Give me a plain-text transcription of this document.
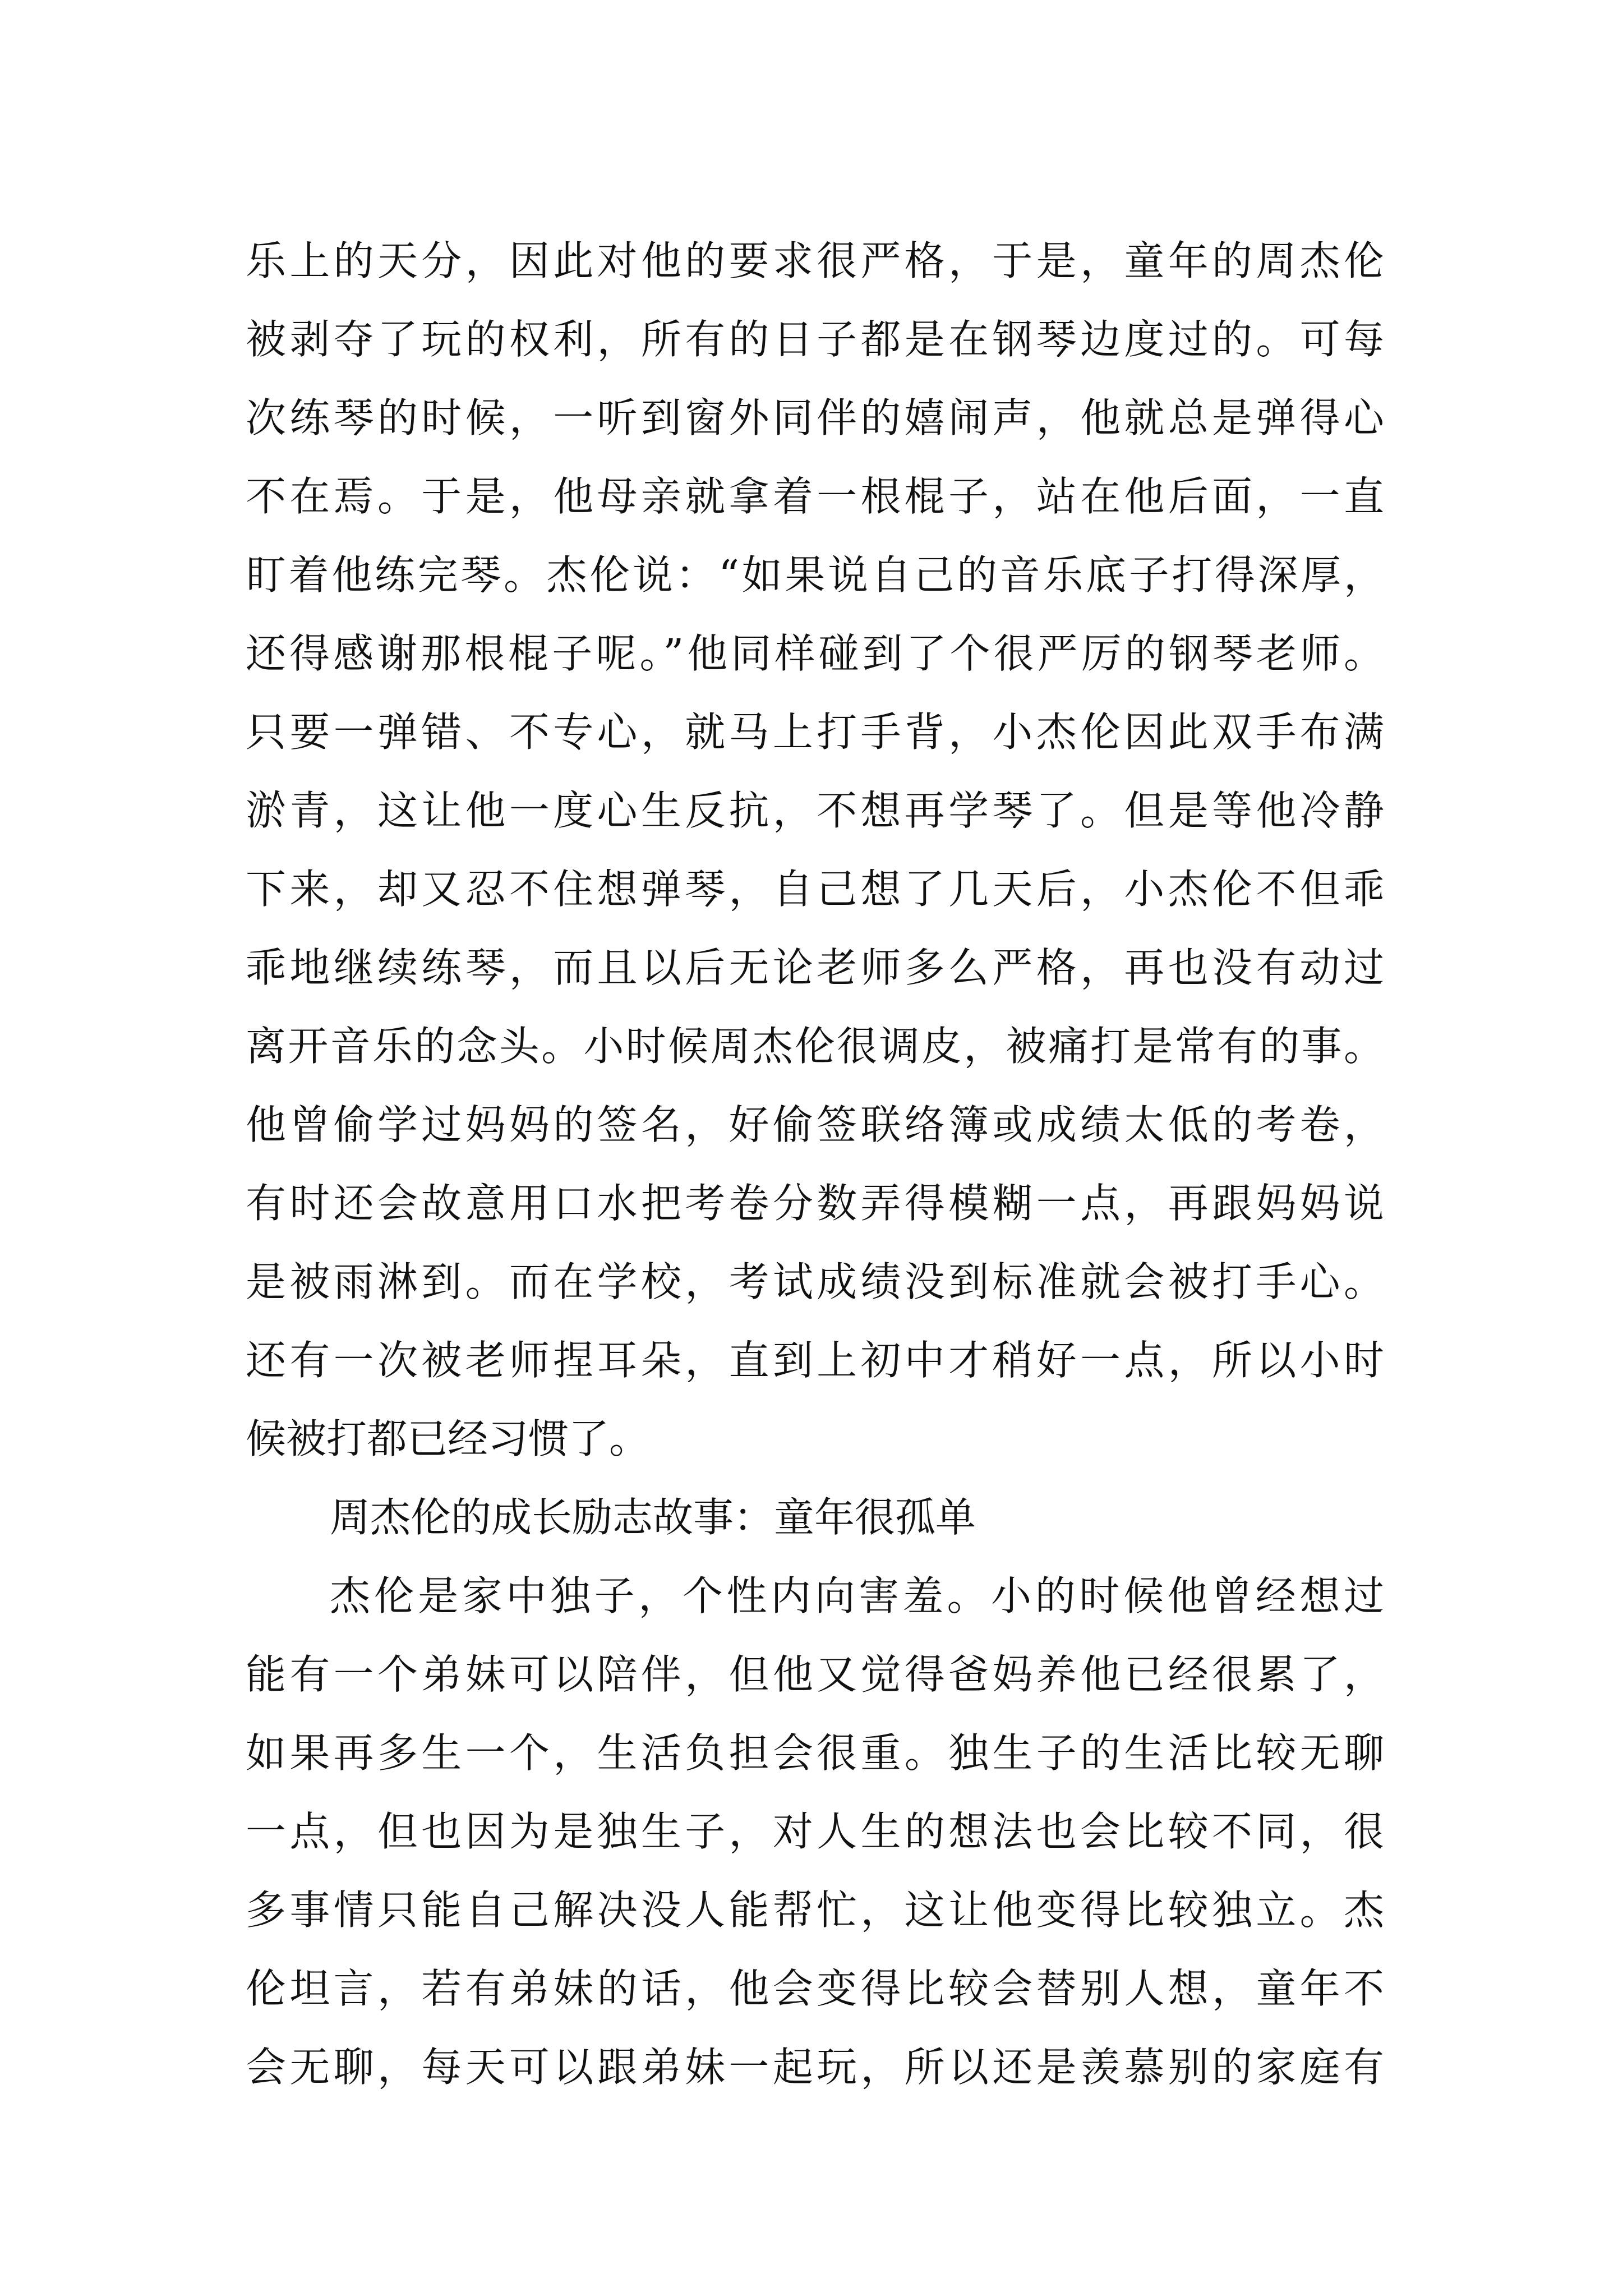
乐上的天分，因此对他的要求很严格，于是，童年的周杰伦
被剥夺了玩的权利，所有的日子都是在钢琴边度过的。可每
次练琴的时候，一听到窗外同伴的嬉闹声，他就总是弹得心
不在焉。于是，他母亲就拿着一根棍子，站在他后面，一直
盯着他练完琴。杰伦说：“如果说自己的音乐底子打得深厚，
还得感谢那根棍子呢。”他同样碰到了个很严厉的钢琴老师。
只要一弹错、不专心，就马上打手背，小杰伦因此双手布满
淤青，这让他一度心生反抗，不想再学琴了。但是等他冷静
下来，却又忍不住想弹琴，自己想了几天后，小杰伦不但乖
乖地继续练琴，而且以后无论老师多么严格，再也没有动过
离开音乐的念头。小时候周杰伦很调皮，被痛打是常有的事。
他曾偷学过妈妈的签名，好偷签联络簿或成绩太低的考卷，
有时还会故意用口水把考卷分数弄得模糊一点，再跟妈妈说
是被雨淋到。而在学校，考试成绩没到标准就会被打手心。
还有一次被老师捏耳朵，直到上初中才稍好一点，所以小时
候被打都已经习惯了。
周杰伦的成长励志故事：童年很孤单
杰伦是家中独子，个性内向害羞。小的时候他曾经想过
能有一个弟妹可以陪伴，但他又觉得爸妈养他已经很累了，
如果再多生一个，生活负担会很重。独生子的生活比较无聊
一点，但也因为是独生子，对人生的想法也会比较不同，很
多事情只能自己解决没人能帮忙，这让他变得比较独立。杰
伦坦言，若有弟妹的话，他会变得比较会替别人想，童年不
会无聊，每天可以跟弟妹一起玩，所以还是羡慕别的家庭有
